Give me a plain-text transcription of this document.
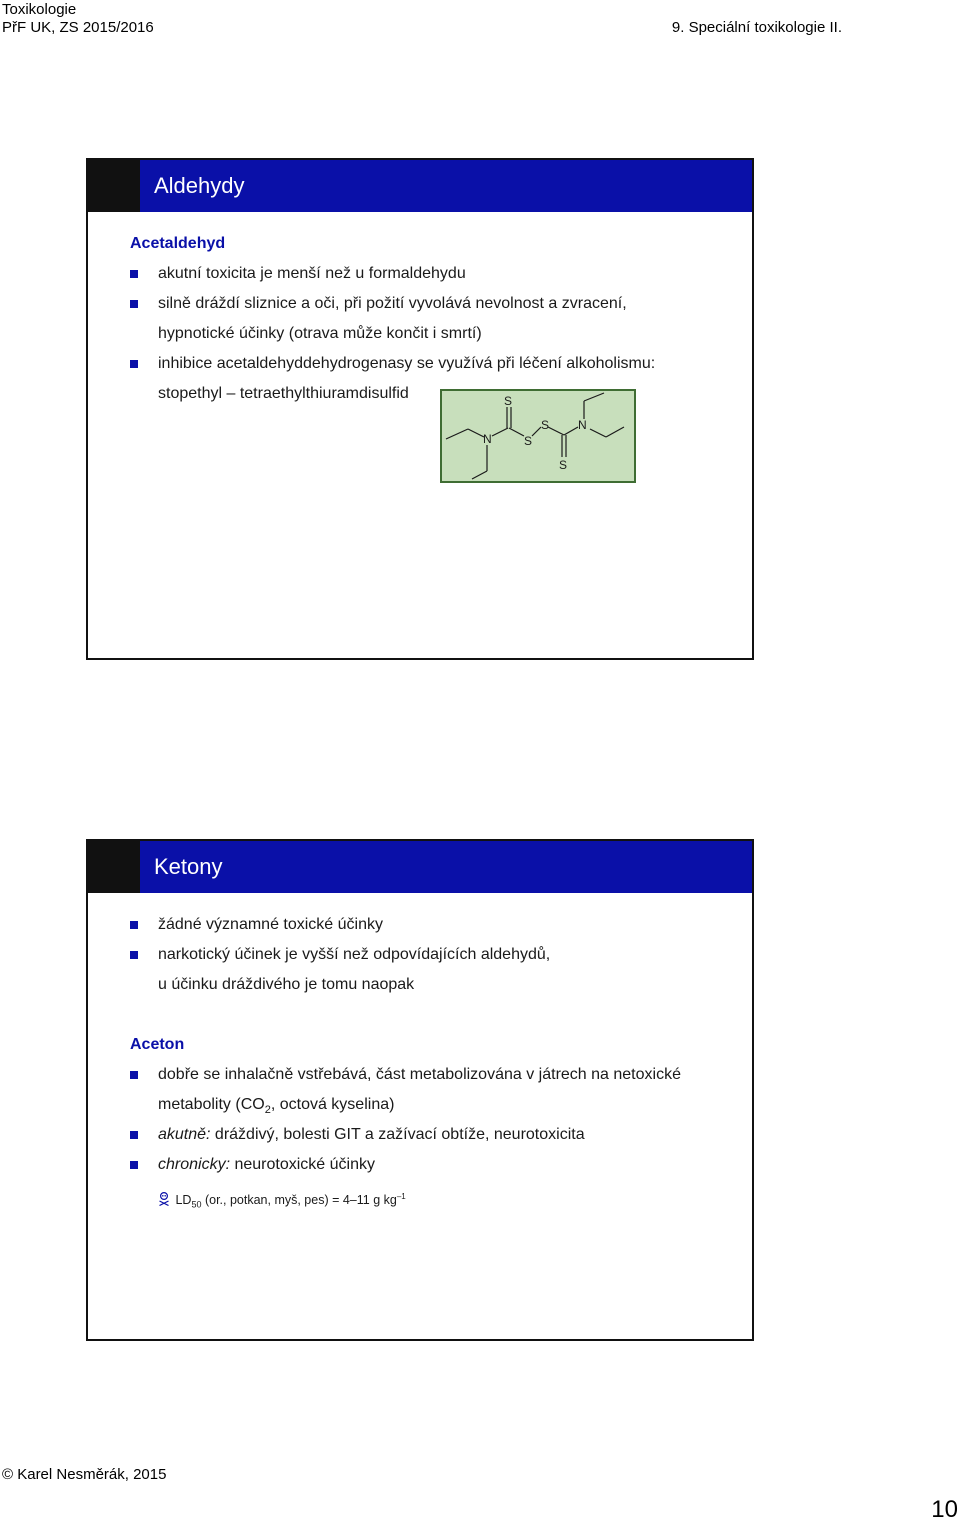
Toxikologie
PřF UK, ZS 2015/2016	9. Speciální toxikologie II.
Aldehydy
Acetaldehyd
akutní toxicita je menší než u formaldehydu
silně dráždí sliznice a oči, při požití vyvolává nevolnost a zvracení,
hypnotické účinky (otrava může končit i smrtí)
inhibice acetaldehyddehydrogenasy se využívá při léčení alkoholismu:
stopethyl – tetraethylthiuramdisulfid	S
N	S
S N
S
Ketony
žádné významné toxické účinky
narkotický účinek je vyšší než odpovídajících aldehydů,
u účinku dráždivého je tomu naopak
Aceton
dobře se inhalačně vstřebává, část metabolizována v játrech na netoxické
metabolity ($CO_2$, octová kyselina)
akutně: dráždivý, bolesti GIT a zažívací obtíže, neurotoxicita
chronicky: neurotoxické účinky
$LD_{50}$ (or., potkan, myš, pes) = 4–11 g $kg^{-1}$
© Karel Nesměrák, 2015
10
